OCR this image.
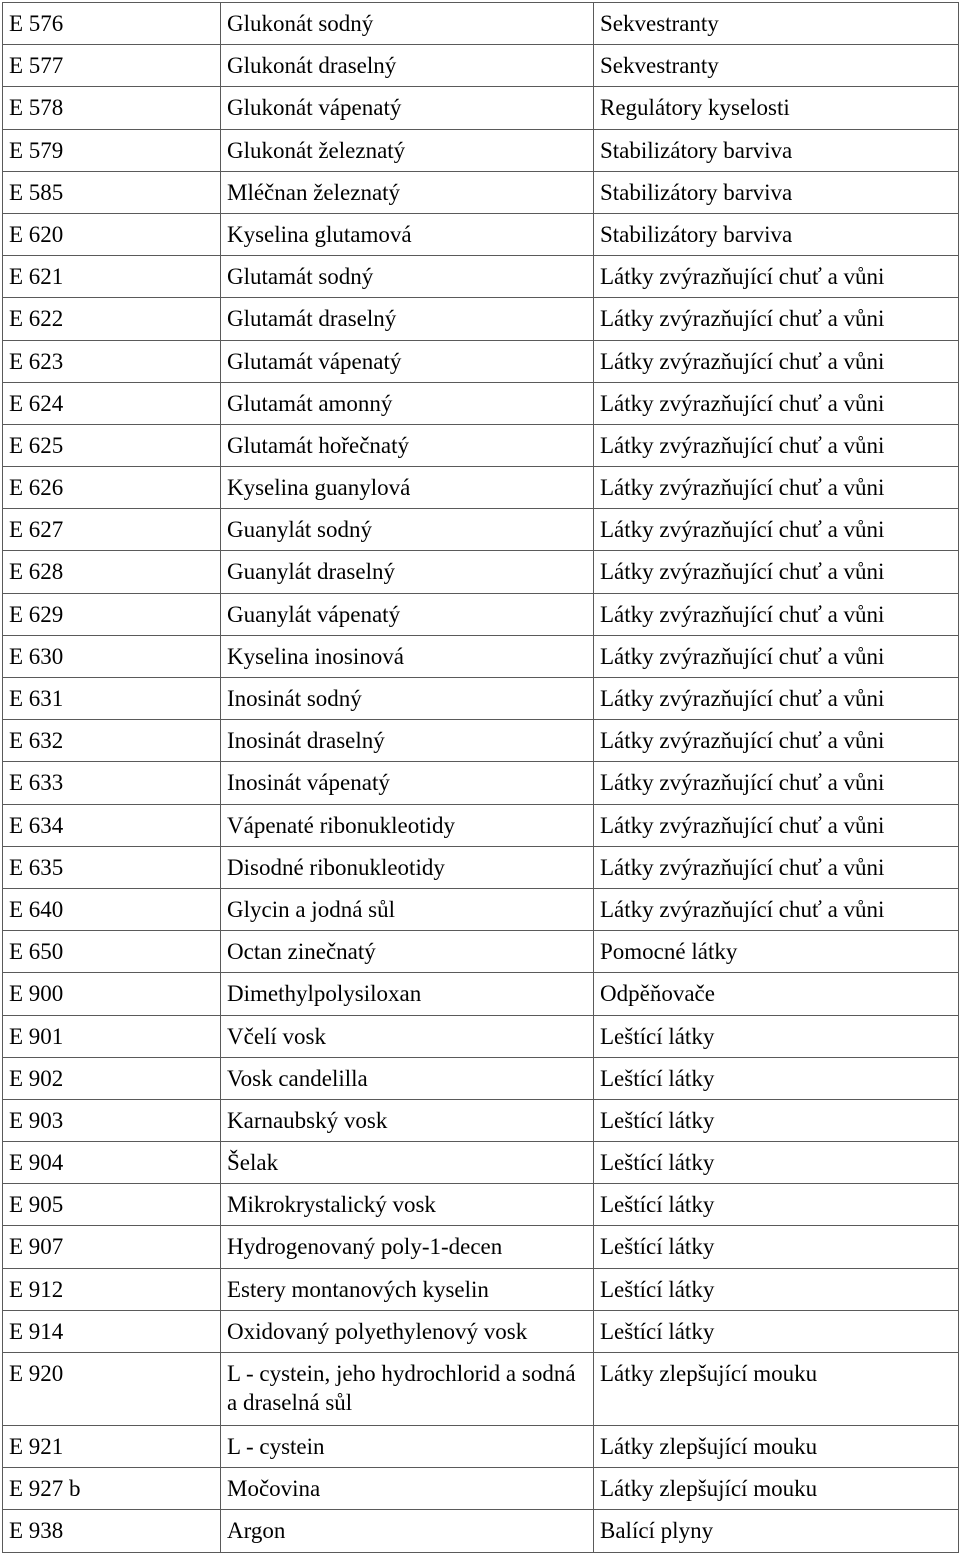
E 576	Glukonát sodný	Sekvestranty
E 577	Glukonát draselný	Sekvestranty
E 578	Glukonát vápenatý	Regulátory kyselosti
E 579	Glukonát železnatý	Stabilizátory barviva
E 585	Mléčnan železnatý	Stabilizátory barviva
E 620	Kyselina glutamová	Stabilizátory barviva
E 621	Glutamát sodný	Látky zvýrazňující chuť a vůni
E 622	Glutamát draselný	Látky zvýrazňující chuť a vůni
E 623	Glutamát vápenatý	Látky zvýrazňující chuť a vůni
E 624	Glutamát amonný	Látky zvýrazňující chuť a vůni
E 625	Glutamát hořečnatý	Látky zvýrazňující chuť a vůni
E 626	Kyselina guanylová	Látky zvýrazňující chuť a vůni
E 627	Guanylát sodný	Látky zvýrazňující chuť a vůni
E 628	Guanylát draselný	Látky zvýrazňující chuť a vůni
E 629	Guanylát vápenatý	Látky zvýrazňující chuť a vůni
E 630	Kyselina inosinová	Látky zvýrazňující chuť a vůni
E 631	Inosinát sodný	Látky zvýrazňující chuť a vůni
E 632	Inosinát draselný	Látky zvýrazňující chuť a vůni
E 633	Inosinát vápenatý	Látky zvýrazňující chuť a vůni
E 634	Vápenaté ribonukleotidy	Látky zvýrazňující chuť a vůni
E 635	Disodné ribonukleotidy	Látky zvýrazňující chuť a vůni
E 640	Glycin a jodná sůl	Látky zvýrazňující chuť a vůni
E 650	Octan zinečnatý	Pomocné látky
E 900	Dimethylpolysiloxan	Odpěňovače
E 901	Včelí vosk	Leštící látky
E 902	Vosk candelilla	Leštící látky
E 903	Karnaubský vosk	Leštící látky
E 904	Šelak	Leštící látky
E 905	Mikrokrystalický vosk	Leštící látky
E 907	Hydrogenovaný poly-1-decen	Leštící látky
E 912	Estery montanových kyselin	Leštící látky
E 914	Oxidovaný polyethylenový vosk	Leštící látky
E 920	L - cystein, jeho hydrochlorid a sodná a draselná sůl	Látky zlepšující mouku
E 921	L - cystein	Látky zlepšující mouku
E 927 b	Močovina	Látky zlepšující mouku
E 938	Argon	Balící plyny
